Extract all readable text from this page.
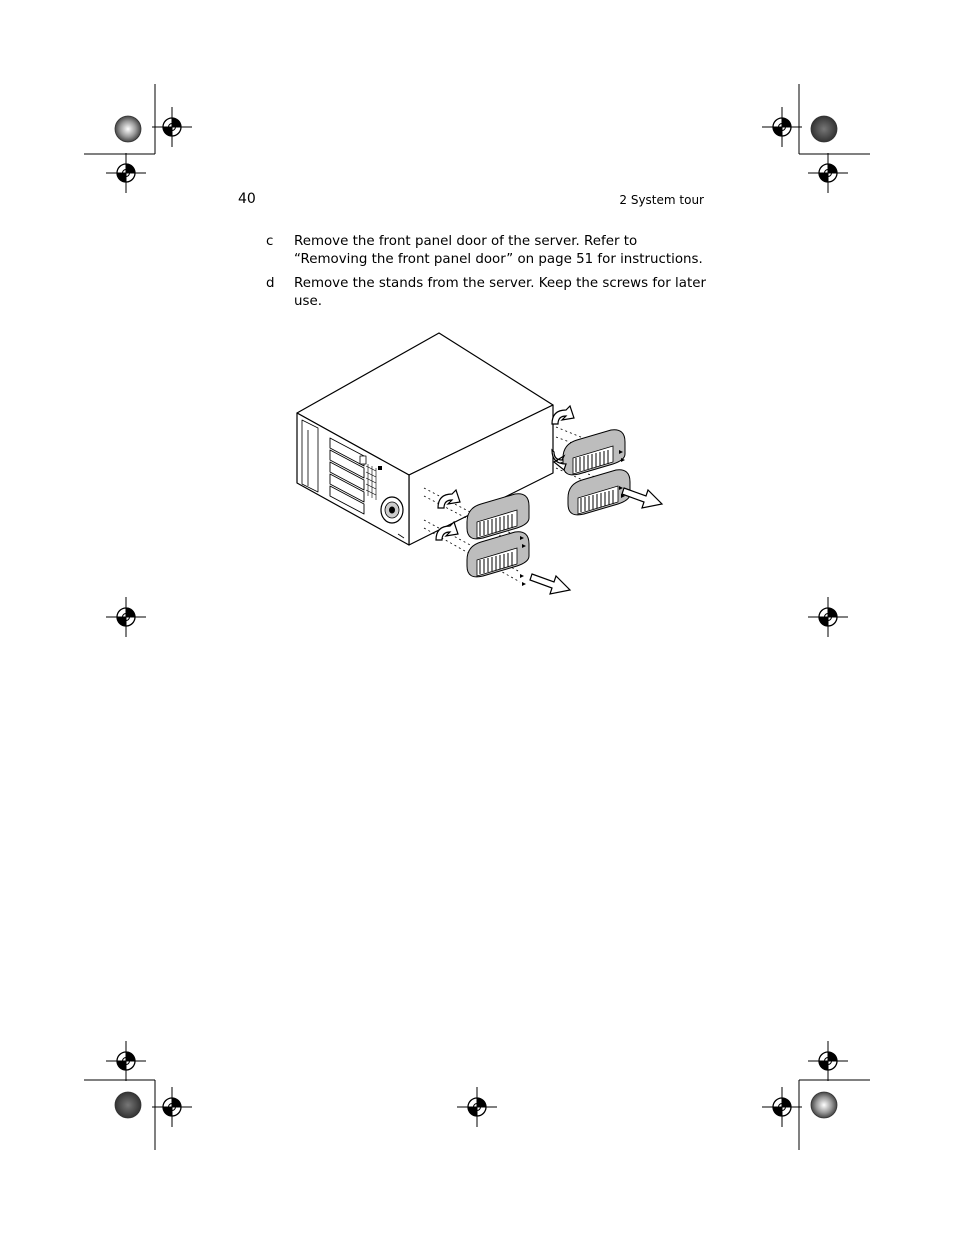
40	2 System tour
c Remove the front panel door of the server. Refer to “Removing the front panel door” on page 51 for instructions.
d Remove the stands from the server. Keep the screws for later use.
